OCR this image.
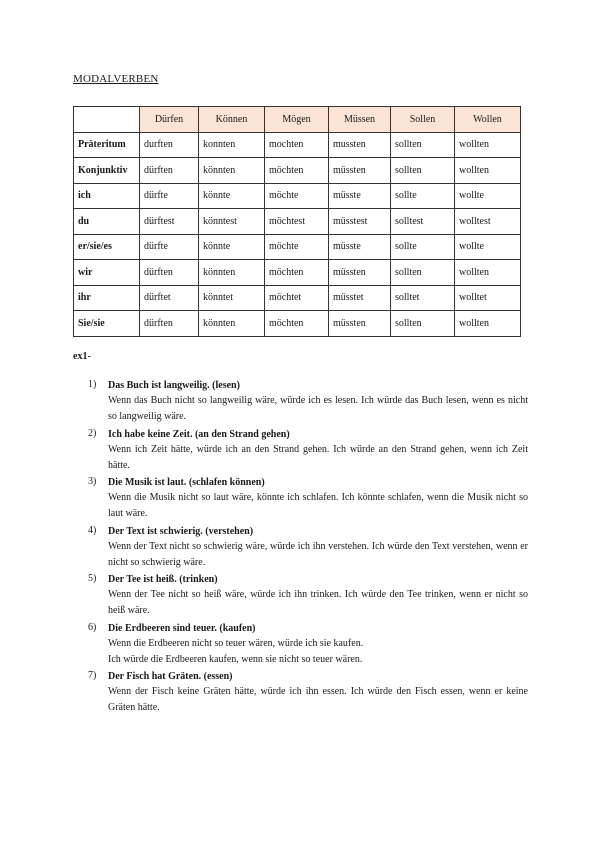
MODALVERBEN
	Dürfen	Können	Mögen	Müssen	Sollen	Wollen
Präteritum	durften	konnten	mochten	mussten	sollten	wollten
Konjunktiv	dürften	könnten	möchten	müssten	sollten	wollten
ich	dürfte	könnte	möchte	müsste	sollte	wollte
du	dürftest	könntest	möchtest	müsstest	solltest	wolltest
er/sie/es	dürfte	könnte	möchte	müsste	sollte	wollte
wir	dürften	könnten	möchten	müssten	sollten	wollten
ihr	dürftet	könntet	möchtet	müsstet	solltet	wolltet
Sie/sie	dürften	könnten	möchten	müssten	sollten	wollten
ex1-
1) Das Buch ist langweilig. (lesen)
Wenn das Buch nicht so langweilig wäre, würde ich es lesen. Ich würde das Buch lesen, wenn es nicht so langweilig wäre.
2) Ich habe keine Zeit. (an den Strand gehen)
Wenn ich Zeit hätte, würde ich an den Strand gehen. Ich würde an den Strand gehen, wenn ich Zeit hätte.
3) Die Musik ist laut. (schlafen können)
Wenn die Musik nicht so laut wäre, könnte ich schlafen. Ich könnte schlafen, wenn die Musik nicht so laut wäre.
4) Der Text ist schwierig. (verstehen)
Wenn der Text nicht so schwierig wäre, würde ich ihn verstehen. Ich würde den Text verstehen, wenn er nicht so schwierig wäre.
5) Der Tee ist heiß. (trinken)
Wenn der Tee nicht so heiß wäre, würde ich ihn trinken. Ich würde den Tee trinken, wenn er nicht so heiß wäre.
6) Die Erdbeeren sind teuer. (kaufen)
Wenn die Erdbeeren nicht so teuer wären, würde ich sie kaufen.
Ich würde die Erdbeeren kaufen, wenn sie nicht so teuer wären.
7) Der Fisch hat Gräten. (essen)
Wenn der Fisch keine Gräten hätte, würde ich ihn essen. Ich würde den Fisch essen, wenn er keine Gräten hätte.
